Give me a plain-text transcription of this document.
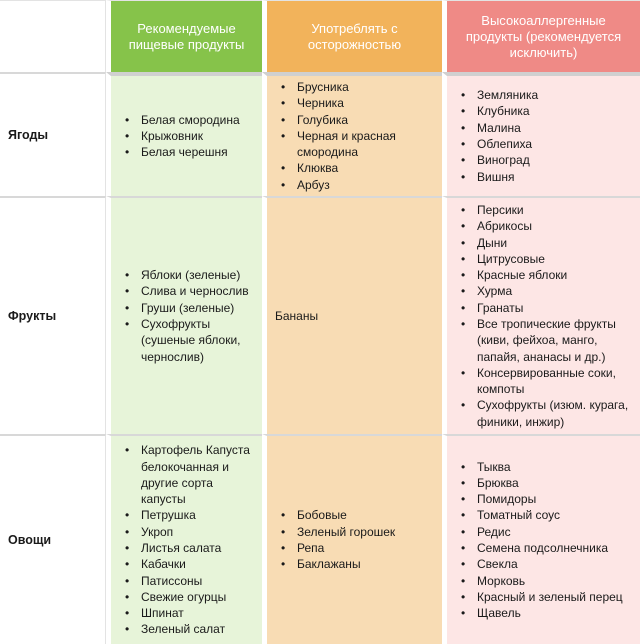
Рекомендуемые пищевые продукты
Употреблять с осторожностью
Высокоаллергенные продукты (рекомендуется исключить)
Ягоды
• Белая смородина
• Крыжовник
• Белая черешня
• Брусника
• Черника
• Голубика
• Черная и красная смородина
• Клюква
• Арбуз
• Земляника
• Клубника
• Малина
• Облепиха
• Виноград
• Вишня
Фрукты
• Яблоки (зеленые)
• Слива и чернослив
• Груши (зеленые)
• Сухофрукты (сушеные яблоки, чернослив)
Бананы
• Персики
• Абрикосы
• Дыни
• Цитрусовые
• Красные яблоки
• Хурма
• Гранаты
• Все тропические фрукты (киви, фейхоа, манго, папайя, ананасы и др.)
• Консервированные соки, компоты
• Сухофрукты (изюм. курага, финики, инжир)
Овощи
• Картофель Капуста белокочанная и другие сорта капусты
• Петрушка
• Укроп
• Листья салата
• Кабачки
• Патиссоны
• Свежие огурцы
• Шпинат
• Зеленый салат
• Бобовые
• Зеленый горошек
• Репа
• Баклажаны
• Тыква
• Брюква
• Помидоры
• Томатный соус
• Редис
• Семена подсолнечника
• Свекла
• Морковь
• Красный и зеленый перец
• Щавель
